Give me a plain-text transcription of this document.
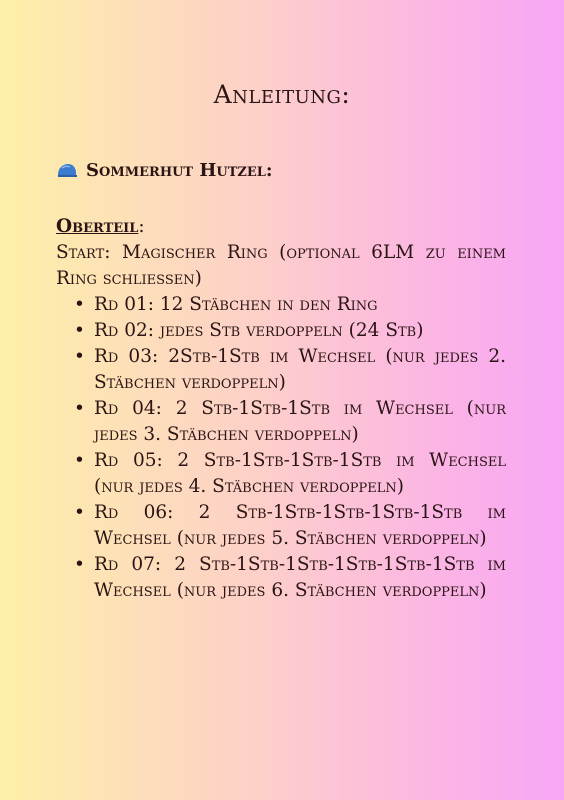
Anleitung:
Sommerhut Hutzel:
Oberteil:
Start: Magischer Ring (optional 6LM zu einem Ring schließen)
• Rd 01: 12 Stäbchen in den Ring
• Rd 02: jedes Stb verdoppeln (24 Stb)
• Rd 03: 2Stb-1Stb im Wechsel (nur jedes 2. Stäbchen verdoppeln)
• Rd 04: 2 Stb-1Stb-1Stb im Wechsel (nur jedes 3. Stäbchen verdoppeln)
• Rd 05: 2 Stb-1Stb-1Stb-1Stb im Wechsel (nur jedes 4. Stäbchen verdoppeln)
• Rd 06: 2 Stb-1Stb-1Stb-1Stb-1Stb im Wechsel (nur jedes 5. Stäbchen verdoppeln)
• Rd 07: 2 Stb-1Stb-1Stb-1Stb-1Stb-1Stb im Wechsel (nur jedes 6. Stäbchen verdoppeln)
